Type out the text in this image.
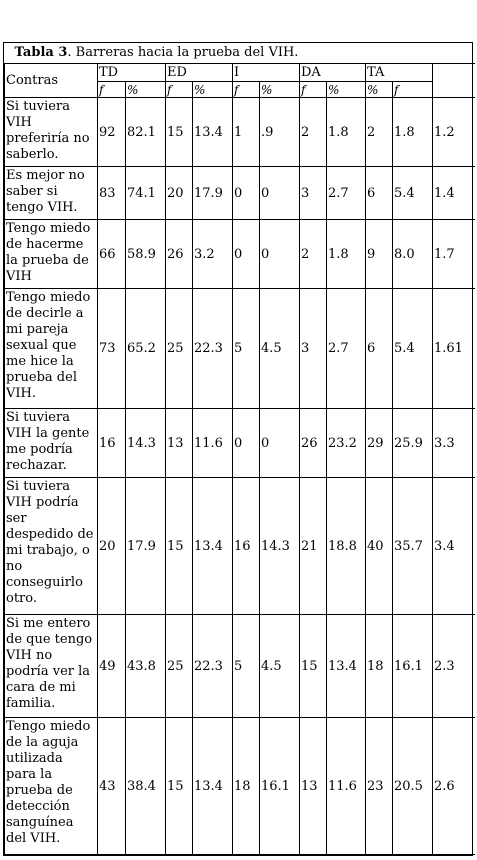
Tabla 3. Barreras hacia la prueba del VIH.											
Contras	TD		ED		I		DA		TA		
	f	%	f	%	f	%	f	%	%	f	
Si tuviera VIH preferiría no saberlo.	92	82.1	15	13.4	1	.9	2	1.8	2	1.8	1.2
Es mejor no saber si tengo VIH.	83	74.1	20	17.9	0	0	3	2.7	6	5.4	1.4
Tengo miedo de hacerme la prueba de VIH	66	58.9	26	3.2	0	0	2	1.8	9	8.0	1.7
Tengo miedo de decirle a mi pareja sexual que me hice la prueba del VIH.	73	65.2	25	22.3	5	4.5	3	2.7	6	5.4	1.61
Si tuviera VIH la gente me podría rechazar.	16	14.3	13	11.6	0	0	26	23.2	29	25.9	3.3
Si tuviera VIH podría ser despedido de mi trabajo, o no conseguirlo otro.	20	17.9	15	13.4	16	14.3	21	18.8	40	35.7	3.4
Si me entero de que tengo VIH no podría ver la cara de mi familia.	49	43.8	25	22.3	5	4.5	15	13.4	18	16.1	2.3
Tengo miedo de la aguja utilizada para la prueba de detección sanguínea del VIH.	43	38.4	15	13.4	18	16.1	13	11.6	23	20.5	2.6
